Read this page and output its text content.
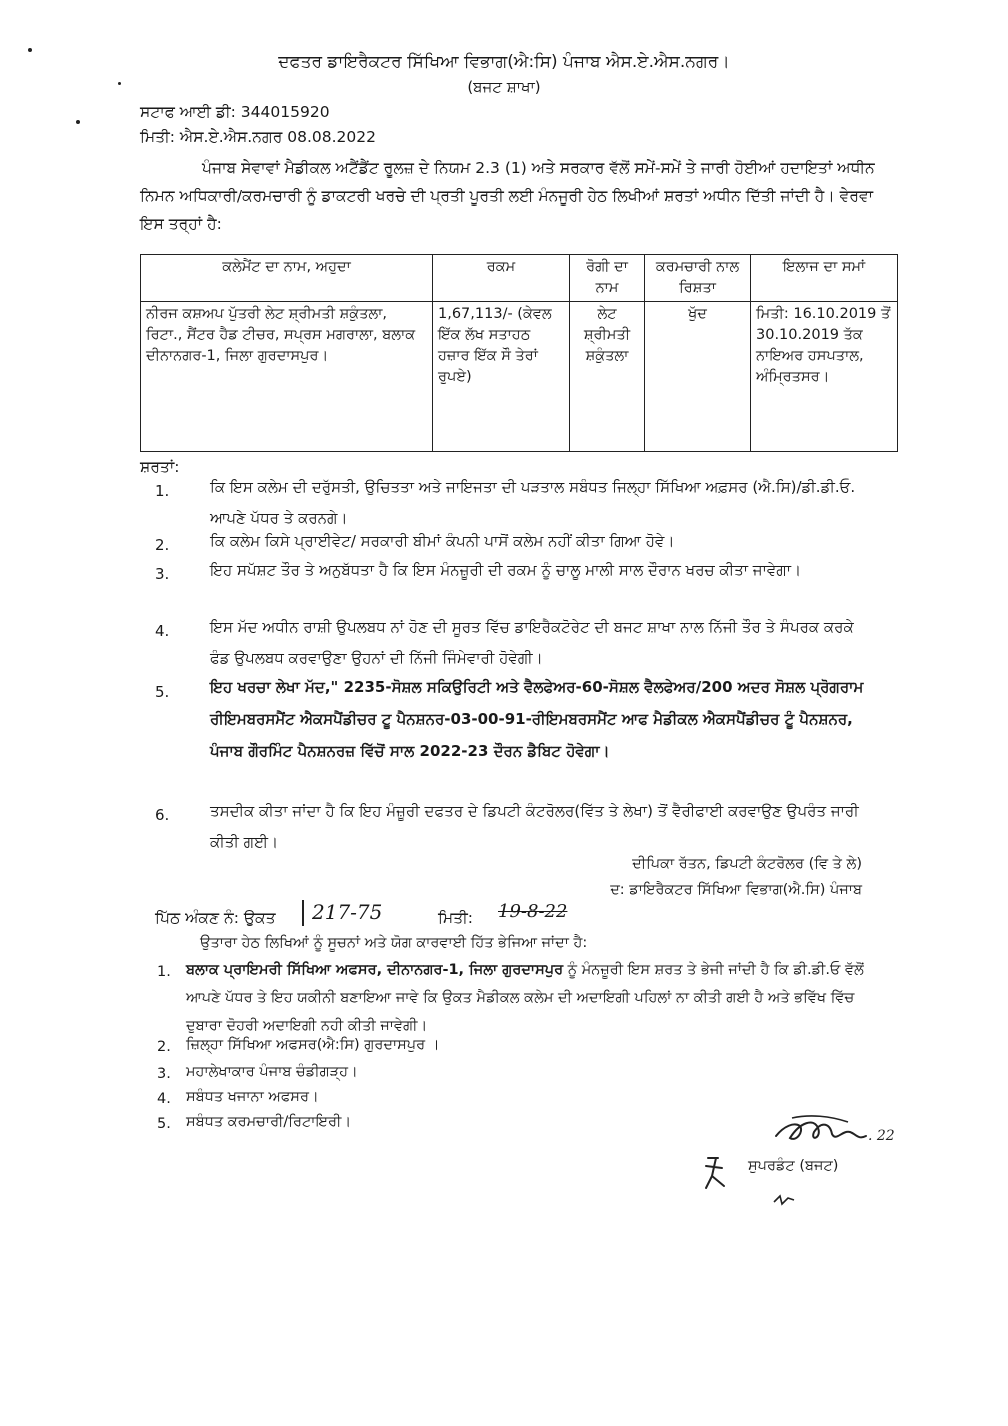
ਦਫਤਰ ਡਾਇਰੈਕਟਰ ਸਿੱਖਿਆ ਵਿਭਾਗ(ਐ:ਸਿ) ਪੰਜਾਬ ਐਸ.ਏ.ਐਸ.ਨਗਰ।
(ਬਜਟ ਸ਼ਾਖਾ)
ਸਟਾਫ ਆਈ ਡੀ: 344015920
ਮਿਤੀ: ਐਸ.ਏ.ਐਸ.ਨਗਰ 08.08.2022
ਪੰਜਾਬ ਸੇਵਾਵਾਂ ਮੈਡੀਕਲ ਅਟੈਂਡੈਂਟ ਰੂਲਜ਼ ਦੇ ਨਿਯਮ 2.3 (1) ਅਤੇ ਸਰਕਾਰ ਵੱਲੋਂ ਸਮੇਂ-ਸਮੇਂ ਤੇ ਜਾਰੀ ਹੋਈਆਂ ਹਦਾਇਤਾਂ ਅਧੀਨ ਨਿਮਨ ਅਧਿਕਾਰੀ/ਕਰਮਚਾਰੀ ਨੂੰ ਡਾਕਟਰੀ ਖਰਚੇ ਦੀ ਪ੍ਰਤੀ ਪੂਰਤੀ ਲਈ ਮੰਨਜੂਰੀ ਹੇਠ ਲਿਖੀਆਂ ਸ਼ਰਤਾਂ ਅਧੀਨ ਦਿੱਤੀ ਜਾਂਦੀ ਹੈ। ਵੇਰਵਾ ਇਸ ਤਰ੍ਹਾਂ ਹੈ:
ਕਲੇਮੈਂਟ ਦਾ ਨਾਮ, ਅਹੁਦਾ	ਰਕਮ	ਰੋਗੀ ਦਾ ਨਾਮ	ਕਰਮਚਾਰੀ ਨਾਲ ਰਿਸ਼ਤਾ	ਇਲਾਜ ਦਾ ਸਮਾਂ
ਨੀਰਜ ਕਸ਼ਅਪ ਪੁੱਤਰੀ ਲੇਟ ਸ਼੍ਰੀਮਤੀ ਸ਼ਕੁੰਤਲਾ, ਰਿਟਾ., ਸੈਂਟਰ ਹੈਡ ਟੀਚਰ, ਸਪ੍ਰਸ ਮਗਰਾਲਾ, ਬਲਾਕ ਦੀਨਾਨਗਰ-1, ਜਿਲਾ ਗੁਰਦਾਸਪੁਰ।	1,67,113/- (ਕੇਵਲ ਇੱਕ ਲੱਖ ਸਤਾਹਠ ਹਜ਼ਾਰ ਇੱਕ ਸੌ ਤੇਰਾਂ ਰੁਪਏ)	ਲੇਟ ਸ਼੍ਰੀਮਤੀ ਸ਼ਕੁੰਤਲਾ	ਖੁੱਦ	ਮਿਤੀ: 16.10.2019 ਤੋਂ 30.10.2019 ਤੱਕ ਨਾਇਅਰ ਹਸਪਤਾਲ, ਅੰਮ੍ਰਿਤਸਰ।
ਸ਼ਰਤਾਂ:
1.	ਕਿ ਇਸ ਕਲੇਮ ਦੀ ਦਰੁੱਸਤੀ, ਉਚਿਤਤਾ ਅਤੇ ਜਾਇਜਤਾ ਦੀ ਪੜਤਾਲ ਸਬੰਧਤ ਜਿਲ੍ਹਾ ਸਿੱਖਿਆ ਅਫ਼ਸਰ (ਐ.ਸਿ)/ਡੀ.ਡੀ.ਓ. ਆਪਣੇ ਪੱਧਰ ਤੇ ਕਰਨਗੇ।
2.	ਕਿ ਕਲੇਮ ਕਿਸੇ ਪ੍ਰਾਈਵੇਟ/ ਸਰਕਾਰੀ ਬੀਮਾਂ ਕੰਪਨੀ ਪਾਸੋਂ ਕਲੇਮ ਨਹੀਂ ਕੀਤਾ ਗਿਆ ਹੋਵੇ।
3.	ਇਹ ਸਪੱਸ਼ਟ ਤੌਰ ਤੇ ਅਨੁਬੱਧਤਾ ਹੈ ਕਿ ਇਸ ਮੰਨਜ਼ੂਰੀ ਦੀ ਰਕਮ ਨੂੰ ਚਾਲੂ ਮਾਲੀ ਸਾਲ ਦੌਰਾਨ ਖਰਚ ਕੀਤਾ ਜਾਵੇਗਾ।
4.	ਇਸ ਮੱਦ ਅਧੀਨ ਰਾਸ਼ੀ ਉਪਲਬਧ ਨਾਂ ਹੋਣ ਦੀ ਸੂਰਤ ਵਿੱਚ ਡਾਇਰੈਕਟੋਰੇਟ ਦੀ ਬਜਟ ਸ਼ਾਖਾ ਨਾਲ ਨਿੱਜੀ ਤੌਰ ਤੇ ਸੰਪਰਕ ਕਰਕੇ ਫੰਡ ਉਪਲਬਧ ਕਰਵਾਉਣਾ ਉਹਨਾਂ ਦੀ ਨਿੱਜੀ ਜਿੰਮੇਵਾਰੀ ਹੋਵੇਗੀ।
5.	ਇਹ ਖਰਚਾ ਲੇਖਾ ਮੱਦ," 2235-ਸੋਸ਼ਲ ਸਕਿਉਰਿਟੀ ਅਤੇ ਵੈਲਫੇਅਰ-60-ਸੋਸ਼ਲ ਵੈਲਫੇਅਰ/200 ਅਦਰ ਸੋਸ਼ਲ ਪ੍ਰੋਗਰਾਮ ਰੀਇਮਬਰਸਮੈਂਟ ਐਕਸਪੈਂਡੀਚਰ ਟੂ ਪੈਨਸ਼ਨਰ-03-00-91-ਰੀਇਮਬਰਸਮੈਂਟ ਆਫ ਮੈਡੀਕਲ ਐਕਸਪੈਂਡੀਚਰ ਟੂੰ ਪੈਨਸ਼ਨਰ, ਪੰਜਾਬ ਗੌਰਮਿੰਟ ਪੈਨਸ਼ਨਰਜ਼ ਵਿੱਚੋਂ ਸਾਲ 2022-23 ਦੌਰਨ ਡੈਬਿਟ ਹੋਵੇਗਾ।
6.	ਤਸਦੀਕ ਕੀਤਾ ਜਾਂਦਾ ਹੈ ਕਿ ਇਹ ਮੰਜ਼ੂਰੀ ਦਫਤਰ ਦੇ ਡਿਪਟੀ ਕੰਟਰੋਲਰ(ਵਿੱਤ ਤੇ ਲੇਖਾ) ਤੋਂ ਵੈਰੀਫਾਈ ਕਰਵਾਉਣ ਉਪਰੰਤ ਜਾਰੀ ਕੀਤੀ ਗਈ।
ਦੀਪਿਕਾ ਰੱਤਨ, ਡਿਪਟੀ ਕੰਟਰੋਲਰ (ਵਿ ਤੇ ਲੇ)
ਦ: ਡਾਇਰੈਕਟਰ ਸਿੱਖਿਆ ਵਿਭਾਗ(ਐ.ਸਿ) ਪੰਜਾਬ
ਪਿੱਠ ਅੰਕਣ ਨੰ: ਉਕਤ 217-75	ਮਿਤੀ: 19-8-22
ਉਤਾਰਾ ਹੇਠ ਲਿਖਿਆਂ ਨੂੰ ਸੂਚਨਾਂ ਅਤੇ ਯੋਗ ਕਾਰਵਾਈ ਹਿੱਤ ਭੇਜਿਆ ਜਾਂਦਾ ਹੈ:
1. ਬਲਾਕ ਪ੍ਰਾਇਮਰੀ ਸਿੱਖਿਆ ਅਫਸਰ, ਦੀਨਾਨਗਰ-1, ਜਿਲਾ ਗੁਰਦਾਸਪੁਰ ਨੂੰ ਮੰਨਜ਼ੂਰੀ ਇਸ ਸ਼ਰਤ ਤੇ ਭੇਜੀ ਜਾਂਦੀ ਹੈ ਕਿ ਡੀ.ਡੀ.ਓ ਵੱਲੋਂ ਆਪਣੇ ਪੱਧਰ ਤੇ ਇਹ ਯਕੀਨੀ ਬਣਾਇਆ ਜਾਵੇ ਕਿ ਉਕਤ ਮੈਡੀਕਲ ਕਲੇਮ ਦੀ ਅਦਾਇਗੀ ਪਹਿਲਾਂ ਨਾ ਕੀਤੀ ਗਈ ਹੈ ਅਤੇ ਭਵਿੱਖ ਵਿੱਚ ਦੁਬਾਰਾ ਦੋਹਰੀ ਅਦਾਇਗੀ ਨਹੀ ਕੀਤੀ ਜਾਵੇਗੀ।
2. ਜ਼ਿਲ੍ਹਾ ਸਿੱਖਿਆ ਅਫਸਰ(ਐ:ਸਿ) ਗੁਰਦਾਸਪੁਰ ।
3. ਮਹਾਲੇਖਾਕਾਰ ਪੰਜਾਬ ਚੰਡੀਗੜ੍ਹ।
4. ਸਬੰਧਤ ਖਜਾਨਾ ਅਫਸਰ।
5. ਸਬੰਧਤ ਕਰਮਚਾਰੀ/ਰਿਟਾਇਰੀ।
. 22
ਸੁਪਰਡੰਟ (ਬਜਟ)
